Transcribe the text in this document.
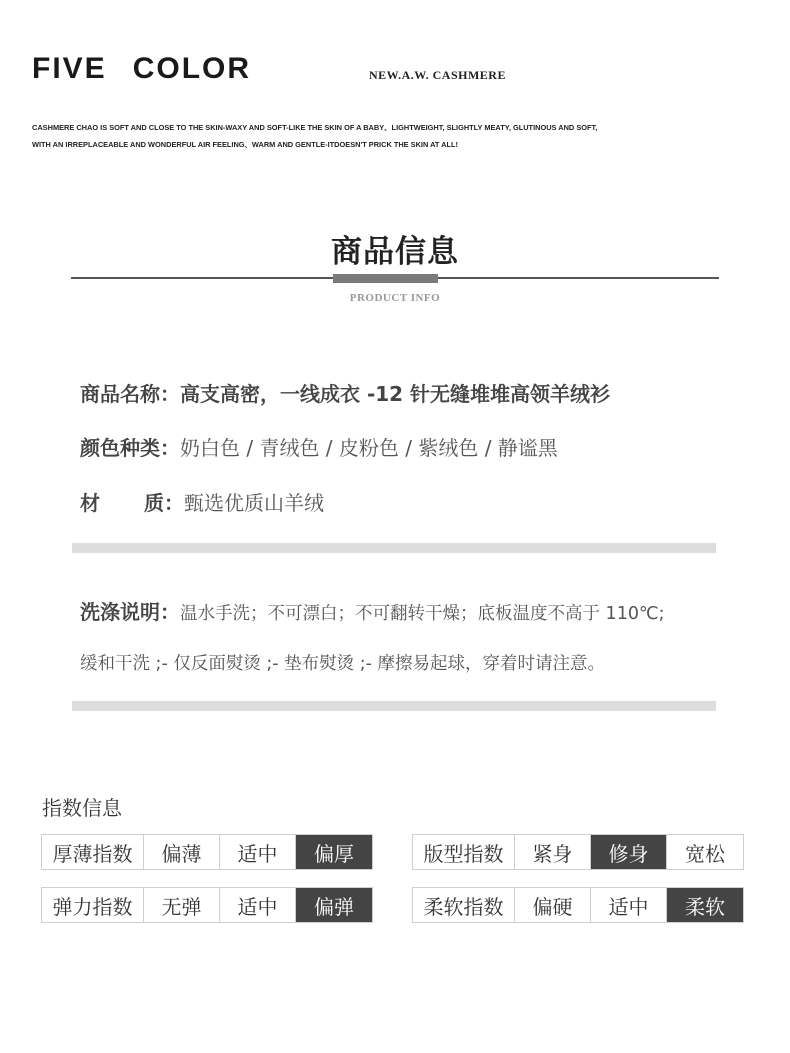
FIVE COLOR	NEW.A.W. CASHMERE
CASHMERE CHAO IS SOFT AND CLOSE TO THE SKIN-WAXY AND SOFT-LIKE THE SKIN OF A BABY、LIGHTWEIGHT, SLIGHTLY MEATY, GLUTINOUS AND SOFT,
WITH AN IRREPLACEABLE AND WONDERFUL AIR FEELING、WARM AND GENTLE-ITDOESN'T PRICK THE SKIN AT ALL!
商品信息
PRODUCT INFO
商品名称：高支高密，一线成衣 -12 针无缝堆堆高领羊绒衫
颜色种类：奶白色 / 青绒色 / 皮粉色 / 紫绒色 / 静谧黑
材 质：甄选优质山羊绒
洗涤说明：温水手洗；不可漂白；不可翻转干燥；底板温度不高于 110℃;
缓和干洗 ;- 仅反面熨烫 ;- 垫布熨烫 ;- 摩擦易起球，穿着时请注意。
指数信息
厚薄指数	偏薄	适中	偏厚
弹力指数	无弹	适中	偏弹
版型指数	紧身	修身	宽松
柔软指数	偏硬	适中	柔软
